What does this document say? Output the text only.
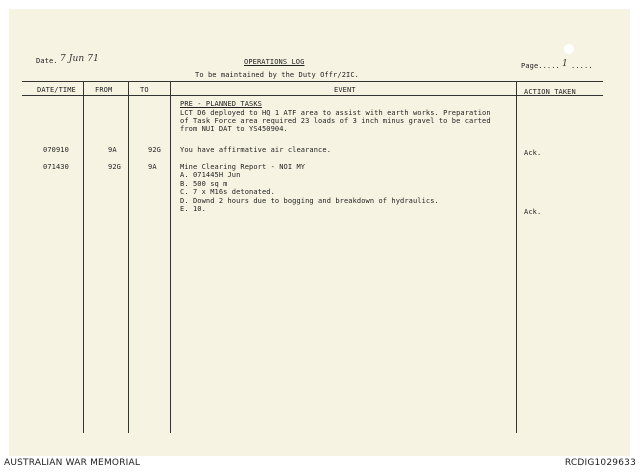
Date. 7 Jun 71	OPERATIONS LOG
To be maintained by the Duty Offr/2IC.
Page..... 1 .....
DATE/TIME	FROM	TO	EVENT	ACTION TAKEN
PRE - PLANNED TASKS
LCT D6 deployed to HQ 1 ATF area to assist with earth works. Preparation
of Task Force area required 23 loads of 3 inch minus gravel to be carted
from NUI DAT to YS450904.
070910	9A	92G	You have affirmative air clearance.	Ack.
071430	92G	9A	Mine Clearing Report - NOI MY
A. 071445H Jun
B. 500 sq m
C. 7 x M16s detonated.
D. Downd 2 hours due to bogging and breakdown of hydraulics.
E. 10.	Ack.
AUSTRALIAN WAR MEMORIAL	RCDIG1029633
